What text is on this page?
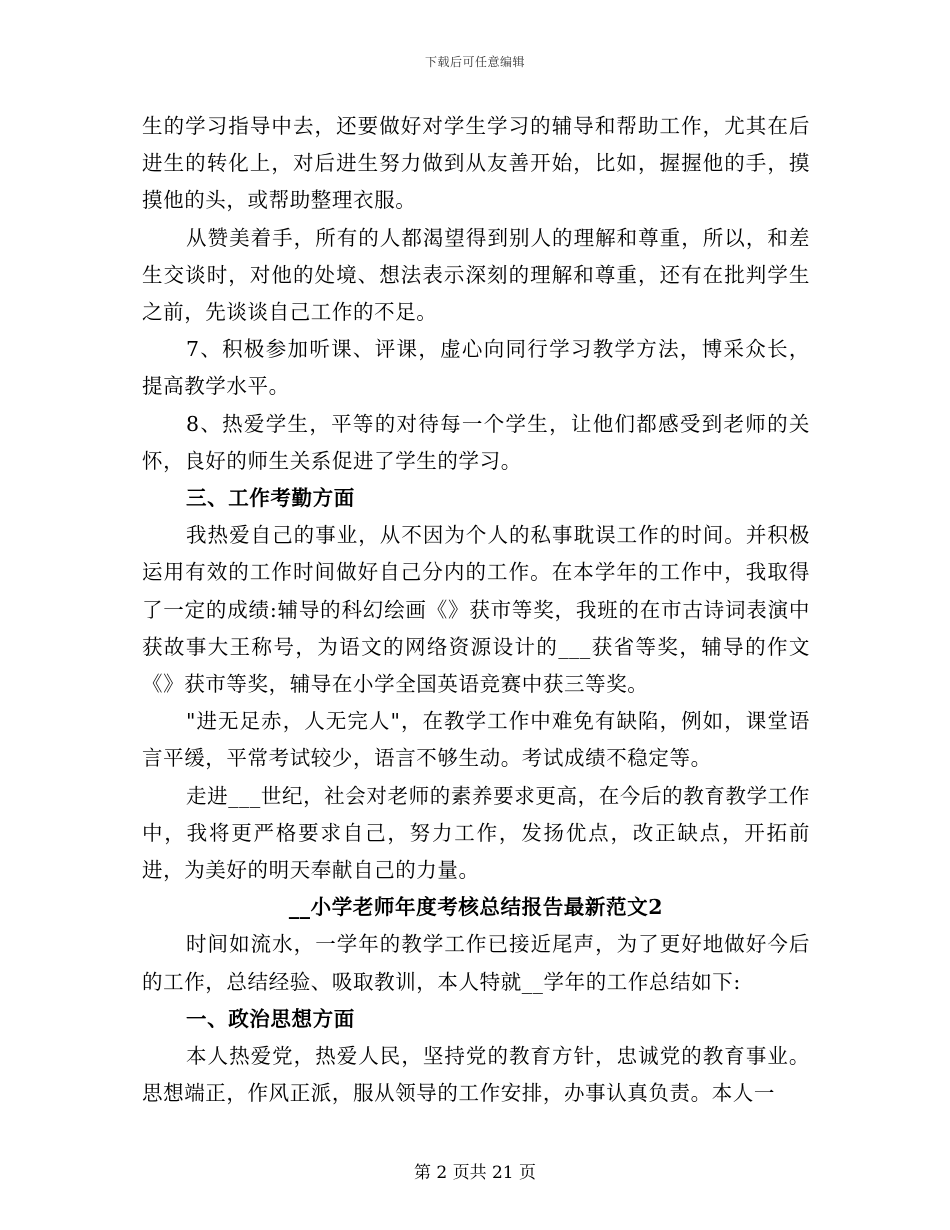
下载后可任意编辑

生的学习指导中去，还要做好对学生学习的辅导和帮助工作，尤其在后进生的转化上，对后进生努力做到从友善开始，比如，握握他的手，摸摸他的头，或帮助整理衣服。

从赞美着手，所有的人都渴望得到别人的理解和尊重，所以，和差生交谈时，对他的处境、想法表示深刻的理解和尊重，还有在批判学生之前，先谈谈自己工作的不足。

7、积极参加听课、评课，虚心向同行学习教学方法，博采众长，提高教学水平。

8、热爱学生，平等的对待每一个学生，让他们都感受到老师的关怀，良好的师生关系促进了学生的学习。

三、工作考勤方面

我热爱自己的事业，从不因为个人的私事耽误工作的时间。并积极运用有效的工作时间做好自己分内的工作。在本学年的工作中，我取得了一定的成绩:辅导的科幻绘画《》获市等奖，我班的在市古诗词表演中获故事大王称号，为语文的网络资源设计的___获省等奖，辅导的作文《》获市等奖，辅导在小学全国英语竞赛中获三等奖。

"进无足赤，人无完人"，在教学工作中难免有缺陷，例如，课堂语言平缓，平常考试较少，语言不够生动。考试成绩不稳定等。

走进___世纪，社会对老师的素养要求更高，在今后的教育教学工作中，我将更严格要求自己，努力工作，发扬优点，改正缺点，开拓前进，为美好的明天奉献自己的力量。

__小学老师年度考核总结报告最新范文2

时间如流水，一学年的教学工作已接近尾声，为了更好地做好今后的工作，总结经验、吸取教训，本人特就__学年的工作总结如下:

一、政治思想方面

本人热爱党，热爱人民，坚持党的教育方针，忠诚党的教育事业。思想端正，作风正派，服从领导的工作安排，办事认真负责。本人一

第 2 页共 21 页
